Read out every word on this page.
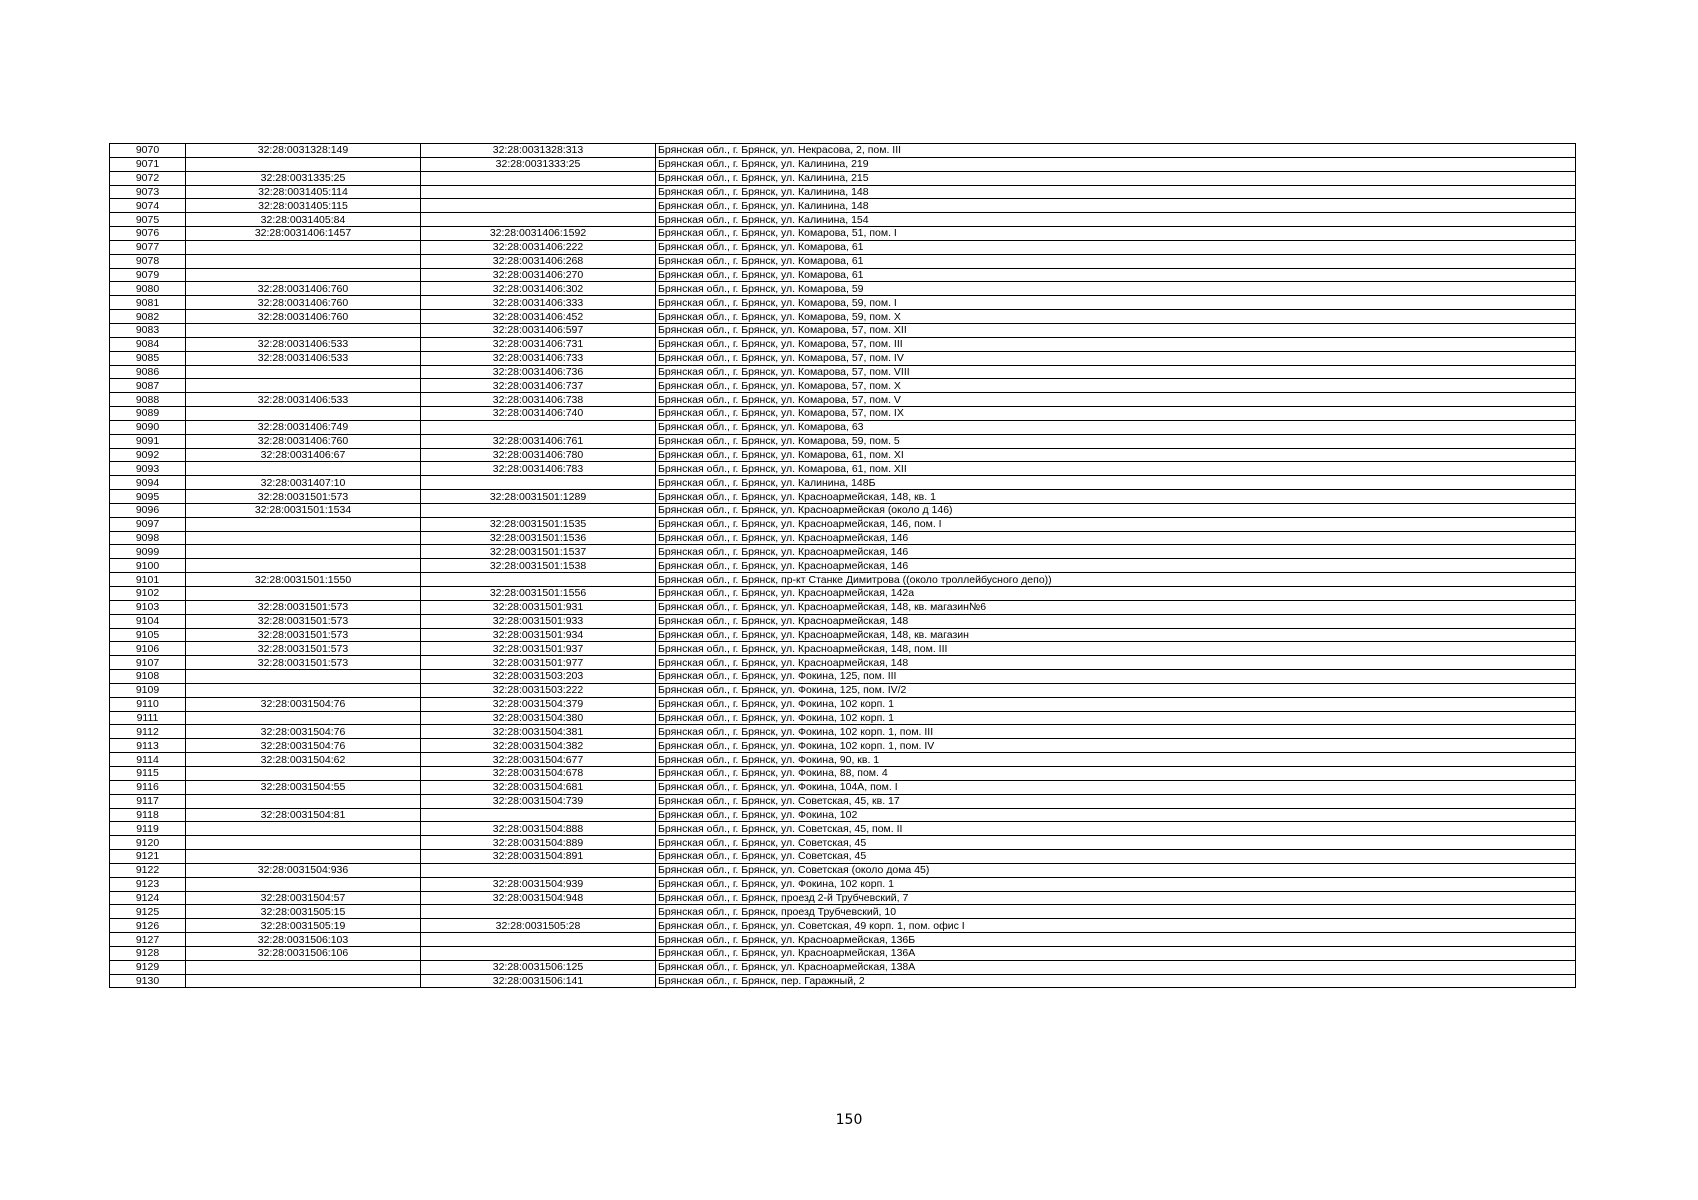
9070	32:28:0031328:149	32:28:0031328:313	Брянская обл., г. Брянск, ул. Некрасова, 2, пом. III
9071		32:28:0031333:25	Брянская обл., г. Брянск, ул. Калинина, 219
9072	32:28:0031335:25		Брянская обл., г. Брянск, ул. Калинина, 215
9073	32:28:0031405:114		Брянская обл., г. Брянск, ул. Калинина, 148
9074	32:28:0031405:115		Брянская обл., г. Брянск, ул. Калинина, 148
9075	32:28:0031405:84		Брянская обл., г. Брянск, ул. Калинина, 154
9076	32:28:0031406:1457	32:28:0031406:1592	Брянская обл., г. Брянск, ул. Комарова, 51, пом. I
9077		32:28:0031406:222	Брянская обл., г. Брянск, ул. Комарова, 61
9078		32:28:0031406:268	Брянская обл., г. Брянск, ул. Комарова, 61
9079		32:28:0031406:270	Брянская обл., г. Брянск, ул. Комарова, 61
9080	32:28:0031406:760	32:28:0031406:302	Брянская обл., г. Брянск, ул. Комарова, 59
9081	32:28:0031406:760	32:28:0031406:333	Брянская обл., г. Брянск, ул. Комарова, 59, пом. I
9082	32:28:0031406:760	32:28:0031406:452	Брянская обл., г. Брянск, ул. Комарова, 59, пом. X
9083		32:28:0031406:597	Брянская обл., г. Брянск, ул. Комарова, 57, пом. XII
9084	32:28:0031406:533	32:28:0031406:731	Брянская обл., г. Брянск, ул. Комарова, 57, пом. III
9085	32:28:0031406:533	32:28:0031406:733	Брянская обл., г. Брянск, ул. Комарова, 57, пом. IV
9086		32:28:0031406:736	Брянская обл., г. Брянск, ул. Комарова, 57, пом. VIII
9087		32:28:0031406:737	Брянская обл., г. Брянск, ул. Комарова, 57, пом. X
9088	32:28:0031406:533	32:28:0031406:738	Брянская обл., г. Брянск, ул. Комарова, 57, пом. V
9089		32:28:0031406:740	Брянская обл., г. Брянск, ул. Комарова, 57, пом. IX
9090	32:28:0031406:749		Брянская обл., г. Брянск, ул. Комарова, 63
9091	32:28:0031406:760	32:28:0031406:761	Брянская обл., г. Брянск, ул. Комарова, 59, пом. 5
9092	32:28:0031406:67	32:28:0031406:780	Брянская обл., г. Брянск, ул. Комарова, 61, пом. XI
9093		32:28:0031406:783	Брянская обл., г. Брянск, ул. Комарова, 61, пом. XII
9094	32:28:0031407:10		Брянская обл., г. Брянск, ул. Калинина, 148Б
9095	32:28:0031501:573	32:28:0031501:1289	Брянская обл., г. Брянск, ул. Красноармейская, 148, кв. 1
9096	32:28:0031501:1534		Брянская обл., г. Брянск, ул. Красноармейская (около д 146)
9097		32:28:0031501:1535	Брянская обл., г. Брянск, ул. Красноармейская, 146, пом. I
9098		32:28:0031501:1536	Брянская обл., г. Брянск, ул. Красноармейская, 146
9099		32:28:0031501:1537	Брянская обл., г. Брянск, ул. Красноармейская, 146
9100		32:28:0031501:1538	Брянская обл., г. Брянск, ул. Красноармейская, 146
9101	32:28:0031501:1550		Брянская обл., г. Брянск, пр-кт Станке Димитрова ((около троллейбусного депо))
9102		32:28:0031501:1556	Брянская обл., г. Брянск, ул. Красноармейская, 142а
9103	32:28:0031501:573	32:28:0031501:931	Брянская обл., г. Брянск, ул. Красноармейская, 148, кв. магазин№6
9104	32:28:0031501:573	32:28:0031501:933	Брянская обл., г. Брянск, ул. Красноармейская, 148
9105	32:28:0031501:573	32:28:0031501:934	Брянская обл., г. Брянск, ул. Красноармейская, 148, кв. магазин
9106	32:28:0031501:573	32:28:0031501:937	Брянская обл., г. Брянск, ул. Красноармейская, 148, пом. III
9107	32:28:0031501:573	32:28:0031501:977	Брянская обл., г. Брянск, ул. Красноармейская, 148
9108		32:28:0031503:203	Брянская обл., г. Брянск, ул. Фокина, 125, пом. III
9109		32:28:0031503:222	Брянская обл., г. Брянск, ул. Фокина, 125, пом. IV/2
9110	32:28:0031504:76	32:28:0031504:379	Брянская обл., г. Брянск, ул. Фокина, 102 корп. 1
9111		32:28:0031504:380	Брянская обл., г. Брянск, ул. Фокина, 102 корп. 1
9112	32:28:0031504:76	32:28:0031504:381	Брянская обл., г. Брянск, ул. Фокина, 102 корп. 1, пом. III
9113	32:28:0031504:76	32:28:0031504:382	Брянская обл., г. Брянск, ул. Фокина, 102 корп. 1, пом. IV
9114	32:28:0031504:62	32:28:0031504:677	Брянская обл., г. Брянск, ул. Фокина, 90, кв. 1
9115		32:28:0031504:678	Брянская обл., г. Брянск, ул. Фокина, 88, пом. 4
9116	32:28:0031504:55	32:28:0031504:681	Брянская обл., г. Брянск, ул. Фокина, 104А, пом. I
9117		32:28:0031504:739	Брянская обл., г. Брянск, ул. Советская, 45, кв. 17
9118	32:28:0031504:81		Брянская обл., г. Брянск, ул. Фокина, 102
9119		32:28:0031504:888	Брянская обл., г. Брянск, ул. Советская, 45, пом. II
9120		32:28:0031504:889	Брянская обл., г. Брянск, ул. Советская, 45
9121		32:28:0031504:891	Брянская обл., г. Брянск, ул. Советская, 45
9122	32:28:0031504:936		Брянская обл., г. Брянск, ул. Советская (около дома 45)
9123		32:28:0031504:939	Брянская обл., г. Брянск, ул. Фокина, 102 корп. 1
9124	32:28:0031504:57	32:28:0031504:948	Брянская обл., г. Брянск, проезд 2-й Трубчевский, 7
9125	32:28:0031505:15		Брянская обл., г. Брянск, проезд Трубчевский, 10
9126	32:28:0031505:19	32:28:0031505:28	Брянская обл., г. Брянск, ул. Советская, 49 корп. 1, пом. офис I
9127	32:28:0031506:103		Брянская обл., г. Брянск, ул. Красноармейская, 136Б
9128	32:28:0031506:106		Брянская обл., г. Брянск, ул. Красноармейская, 136А
9129		32:28:0031506:125	Брянская обл., г. Брянск, ул. Красноармейская, 138А
9130		32:28:0031506:141	Брянская обл., г. Брянск, пер. Гаражный, 2
150
